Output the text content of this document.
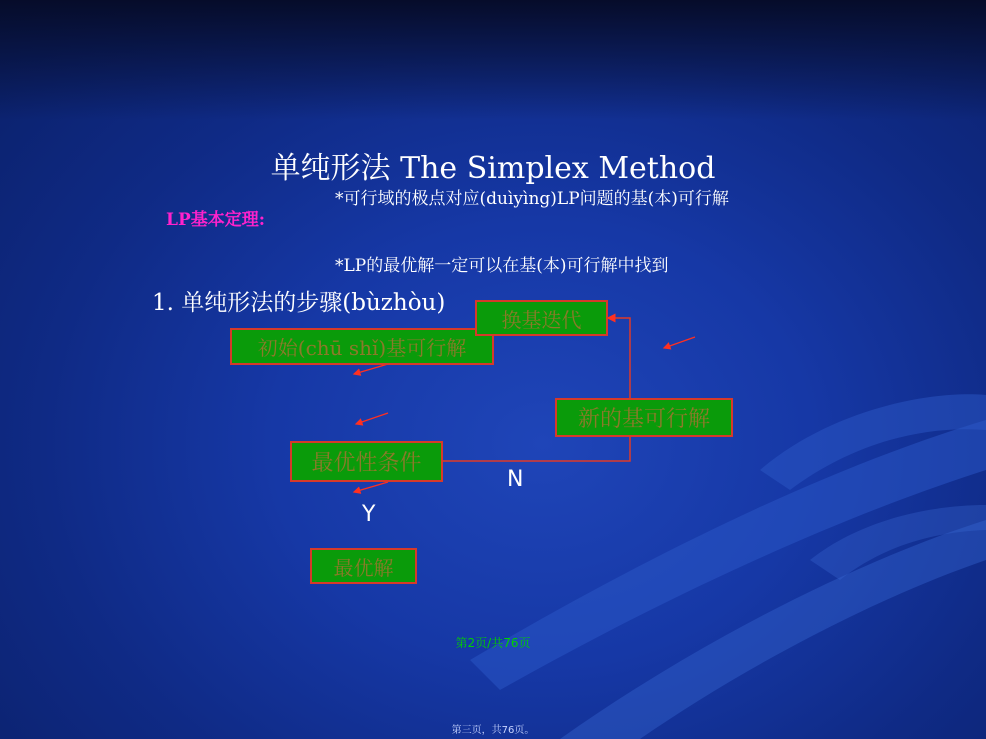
单纯形法 The Simplex Method
LP基本定理:
*可行域的极点对应(duìyìng)LP问题的基(本)可行解
*LP的最优解一定可以在基(本)可行解中找到
1. 单纯形法的步骤(bùzhòu)
初始(chū shǐ)基可行解
换基迭代
新的基可行解
最优性条件
最优解
N
Y
第2页/共76页
第三页，共76页。
